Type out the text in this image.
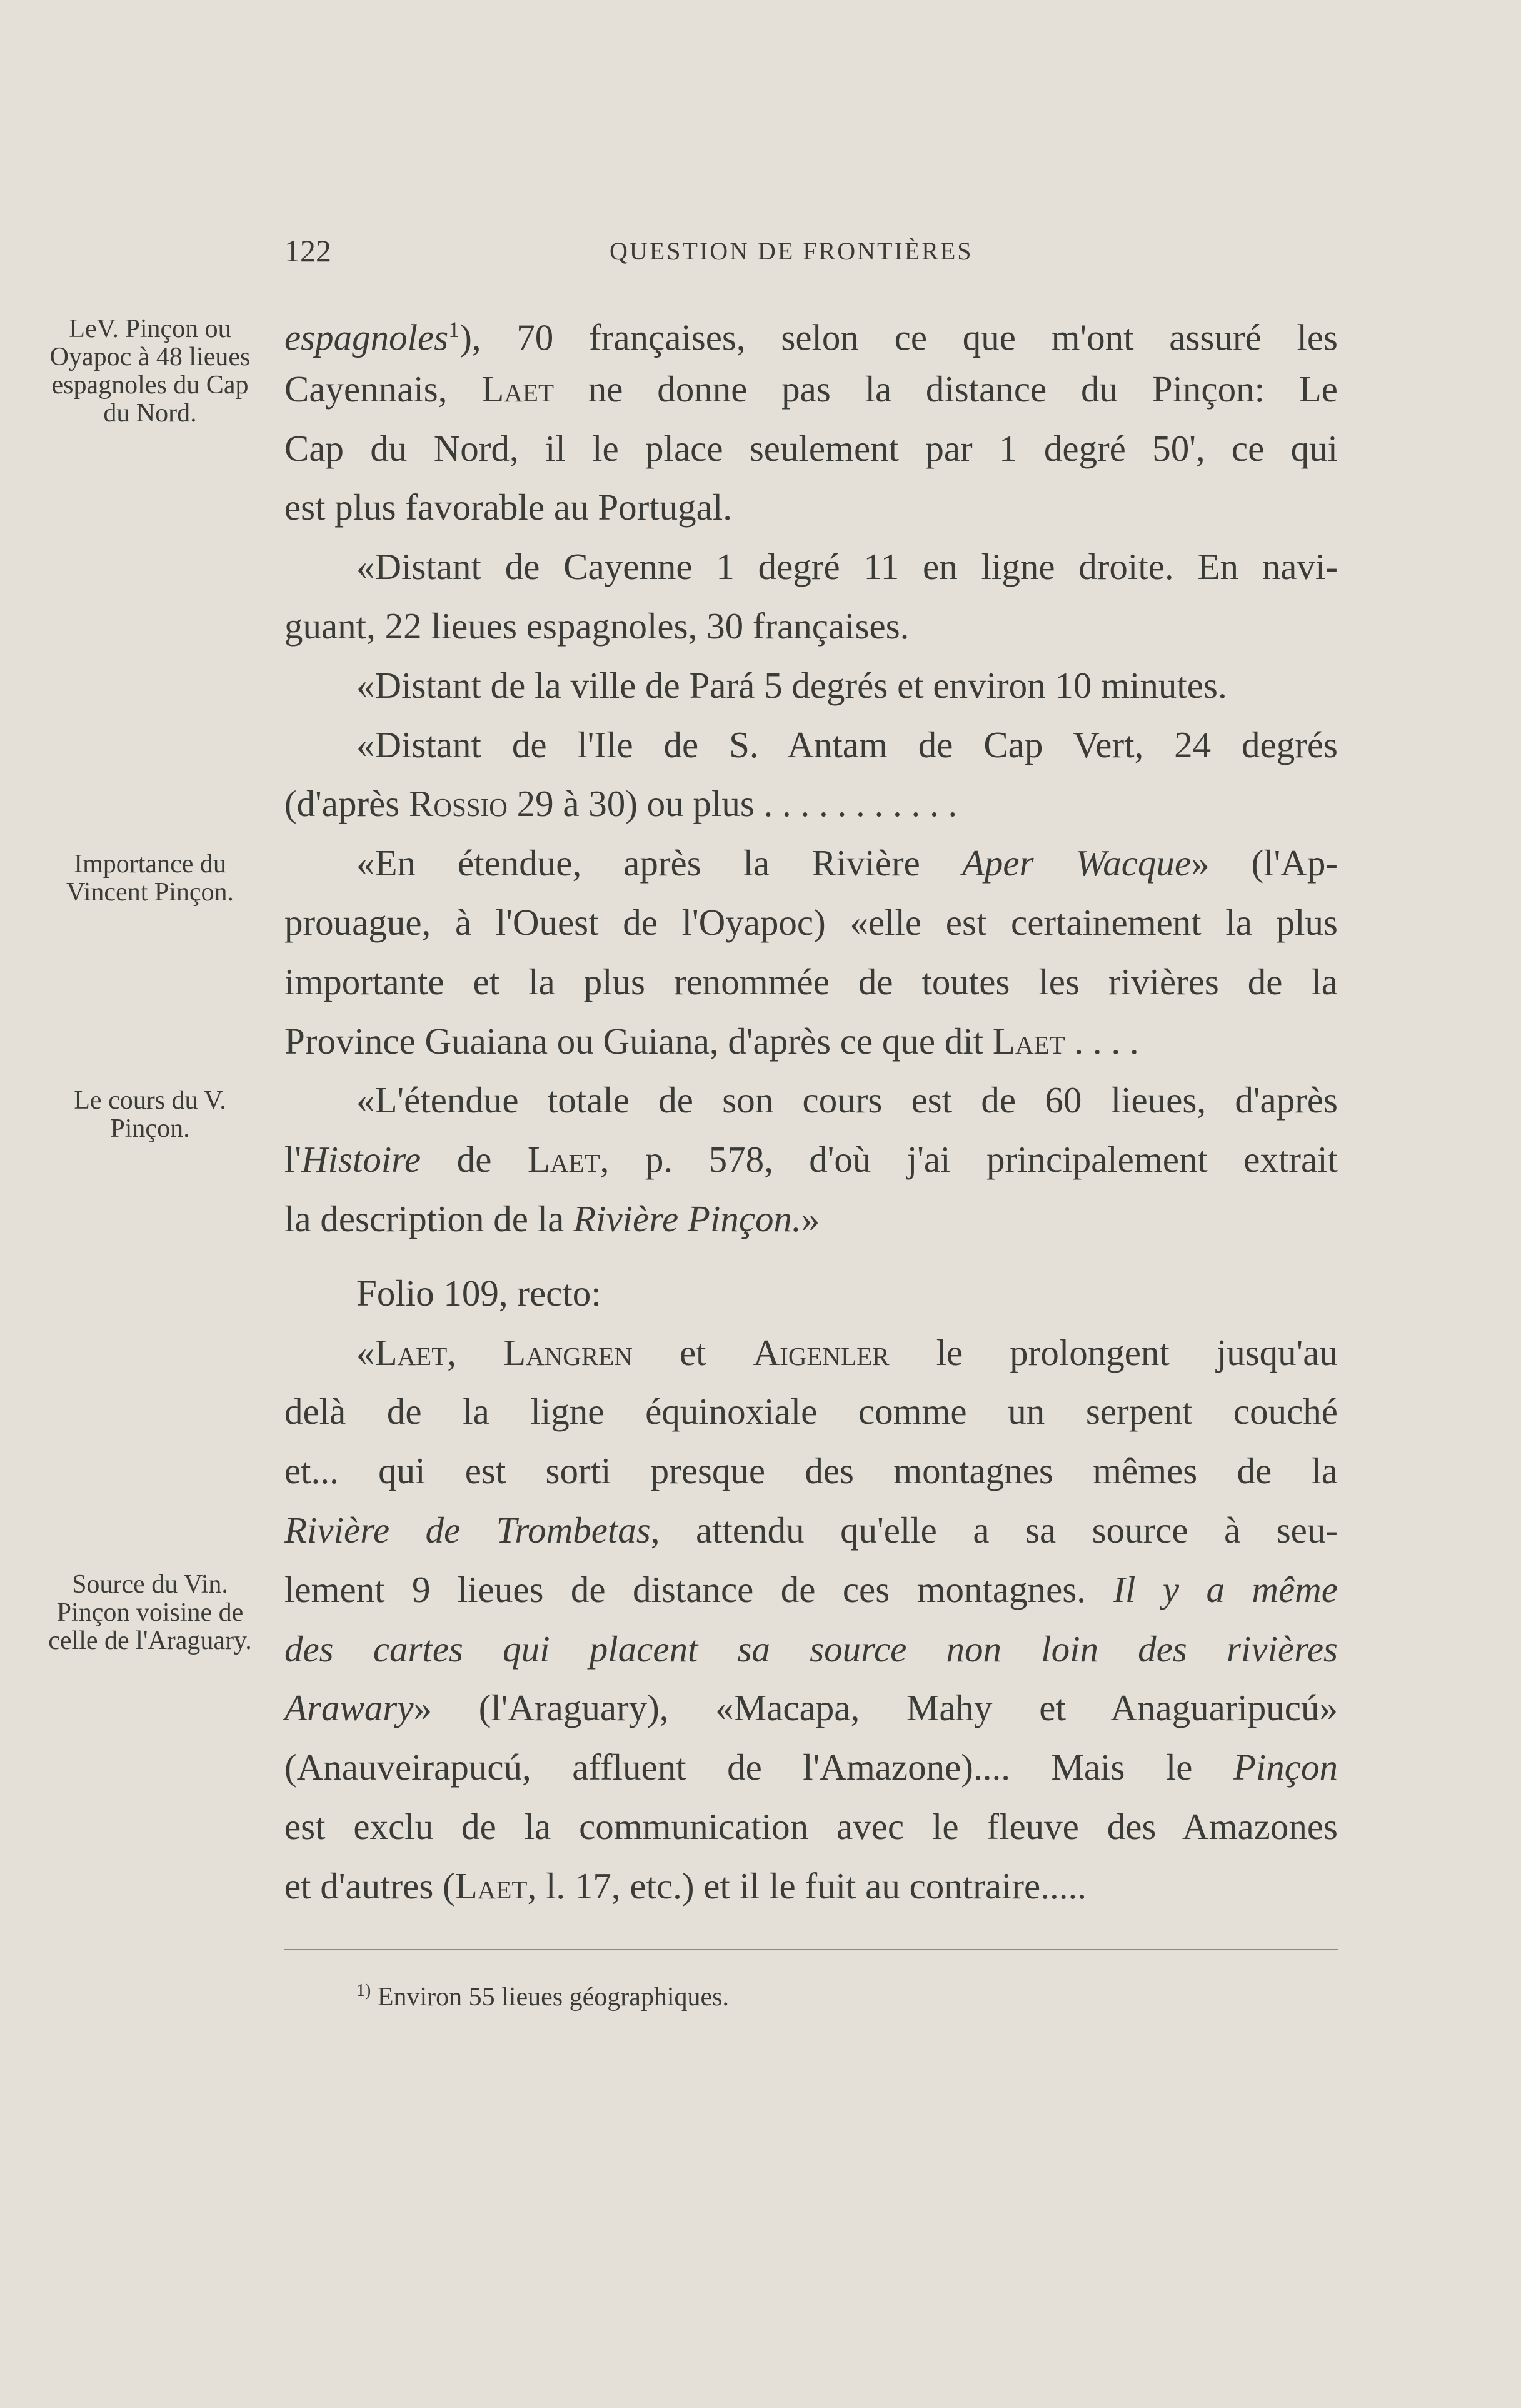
122	QUESTION DE FRONTIÈRES
LeV. Pinçon ou Oyapoc à 48 lieues espagnoles du Cap du Nord.
Importance du Vincent Pinçon.
Le cours du V. Pinçon.
Source du Vin. Pinçon voisine de celle de l'Araguary.
espagnoles$^1$), 70 françaises, selon ce que m'ont assuré les
Cayennais, Laet ne donne pas la distance du Pinçon: Le
Cap du Nord, il le place seulement par 1 degré 50', ce qui
est plus favorable au Portugal.
«Distant de Cayenne 1 degré 11 en ligne droite. En navi-
guant, 22 lieues espagnoles, 30 françaises.
«Distant de la ville de Pará 5 degrés et environ 10 minutes.
«Distant de l'Ile de S. Antam de Cap Vert, 24 degrés
(d'après Rossio 29 à 30) ou plus . . . . . . . . . . .
«En étendue, après la Rivière Aper Wacque» (l'Ap-
prouague, à l'Ouest de l'Oyapoc) «elle est certainement la plus
importante et la plus renommée de toutes les rivières de la
Province Guaiana ou Guiana, d'après ce que dit Laet . . . .
«L'étendue totale de son cours est de 60 lieues, d'après
l'Histoire de Laet, p. 578, d'où j'ai principalement extrait
la description de la Rivière Pinçon.»
Folio 109, recto:
«Laet, Langren et Aigenler le prolongent jusqu'au
delà de la ligne équinoxiale comme un serpent couché
et... qui est sorti presque des montagnes mêmes de la
Rivière de Trombetas, attendu qu'elle a sa source à seu-
lement 9 lieues de distance de ces montagnes. Il y a même
des cartes qui placent sa source non loin des rivières
Arawary» (l'Araguary), «Macapa, Mahy et Anaguaripucú»
(Anauveirapucú, affluent de l'Amazone).... Mais le Pinçon
est exclu de la communication avec le fleuve des Amazones
et d'autres (Laet, l. 17, etc.) et il le fuit au contraire.....
$^{1)}$ Environ 55 lieues géographiques.
